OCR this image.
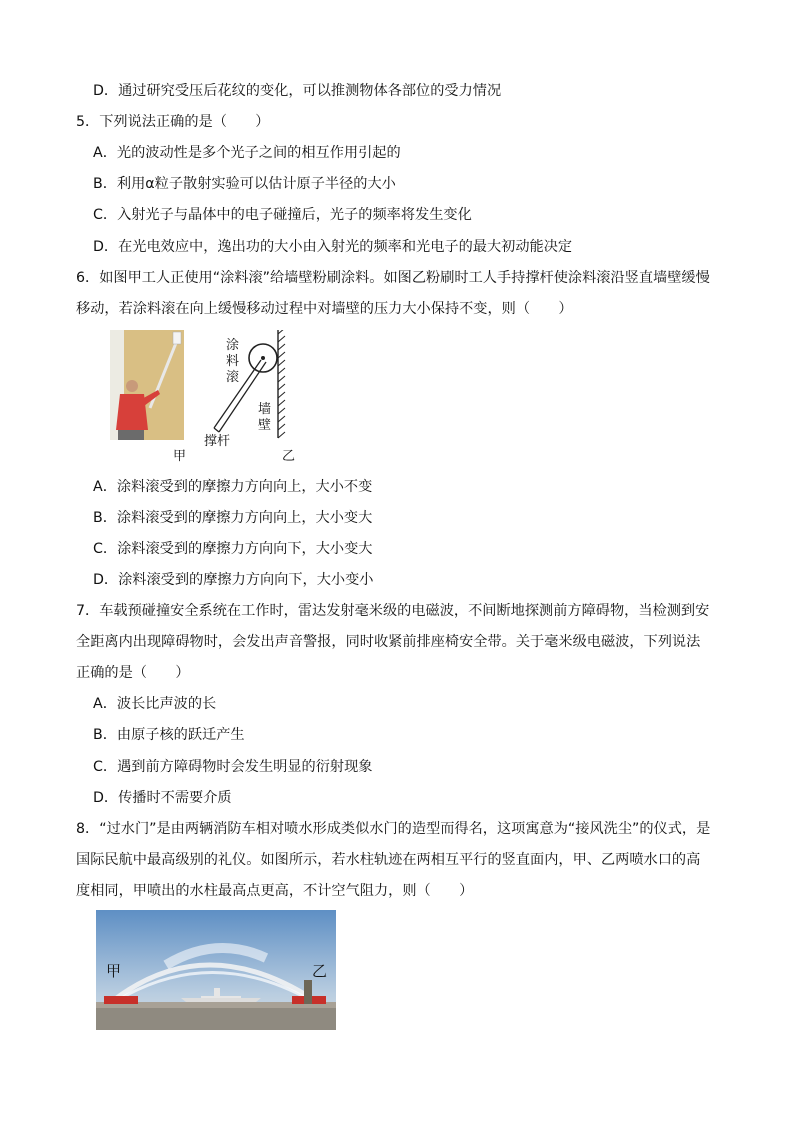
D．通过研究受压后花纹的变化，可以推测物体各部位的受力情况
5．下列说法正确的是（　　）
A．光的波动性是多个光子之间的相互作用引起的
B．利用α粒子散射实验可以估计原子半径的大小
C．入射光子与晶体中的电子碰撞后，光子的频率将发生变化
D．在光电效应中，逸出功的大小由入射光的频率和光电子的最大初动能决定
6．如图甲工人正使用“涂料滚”给墙壁粉刷涂料。如图乙粉刷时工人手持撑杆使涂料滚沿竖直墙壁缓慢
移动，若涂料滚在向上缓慢移动过程中对墙壁的压力大小保持不变，则（　　）
甲
涂
料
滚
墙
壁
撑杆
乙
A．涂料滚受到的摩擦力方向向上，大小不变
B．涂料滚受到的摩擦力方向向上，大小变大
C．涂料滚受到的摩擦力方向向下，大小变大
D．涂料滚受到的摩擦力方向向下，大小变小
7．车载预碰撞安全系统在工作时，雷达发射毫米级的电磁波，不间断地探测前方障碍物，当检测到安
全距离内出现障碍物时，会发出声音警报，同时收紧前排座椅安全带。关于毫米级电磁波，下列说法
正确的是（　　）
A．波长比声波的长
B．由原子核的跃迁产生
C．遇到前方障碍物时会发生明显的衍射现象
D．传播时不需要介质
8．“过水门”是由两辆消防车相对喷水形成类似水门的造型而得名，这项寓意为“接风洗尘”的仪式，是
国际民航中最高级别的礼仪。如图所示，若水柱轨迹在两相互平行的竖直面内，甲、乙两喷水口的高
度相同，甲喷出的水柱最高点更高，不计空气阻力，则（　　）
甲	乙
